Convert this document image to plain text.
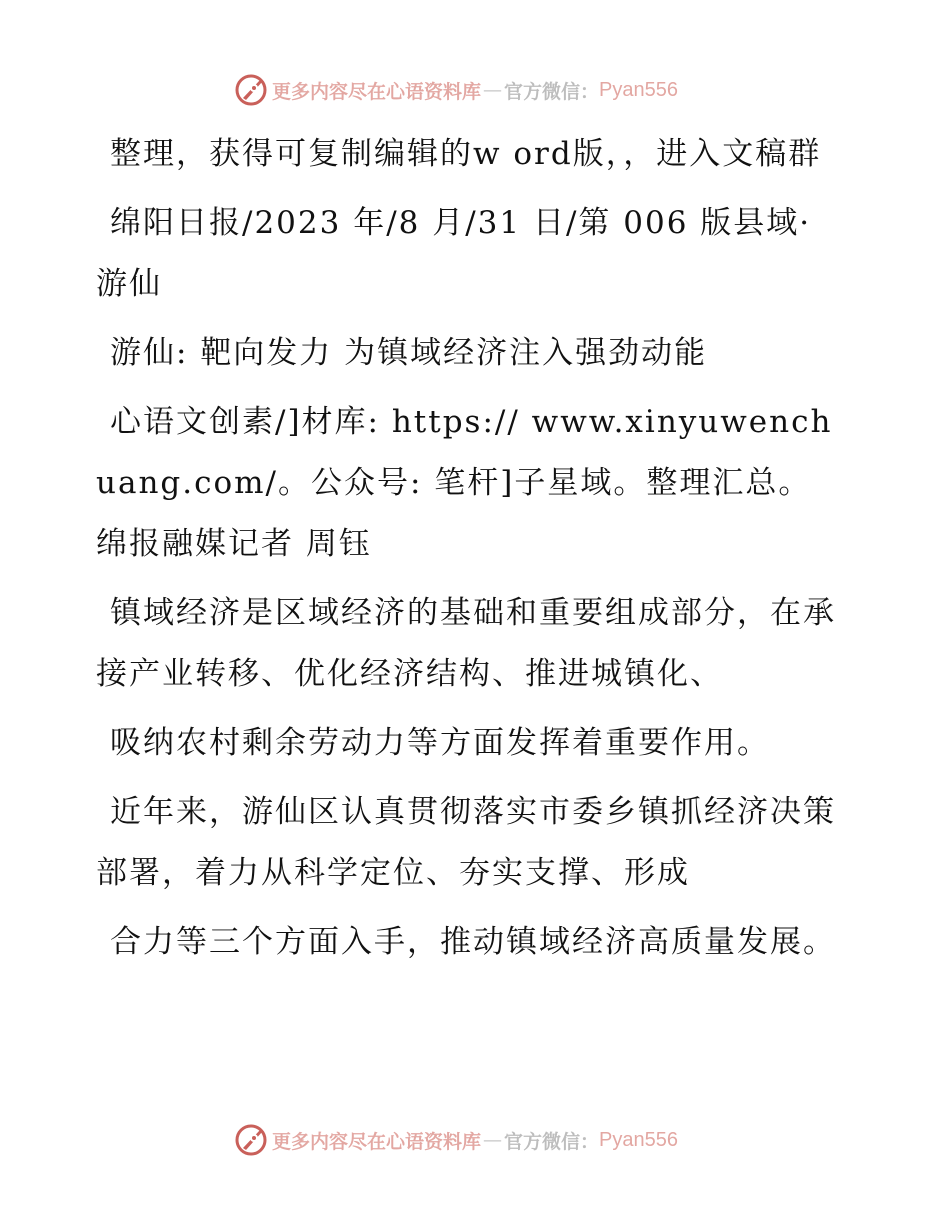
更多内容尽在心语资料库 — 官方微信： Pyan556

整理，获得可复制编辑的w ord版，，进入文稿群

绵阳日报/2023 年/8 月/31 日/第 006 版县域·游仙

游仙: 靶向发力 为镇域经济注入强劲动能

心语文创素/]材库: https:// www.xinyuwenchuang.com/。公众号: 笔杆]子星域。整理汇总。绵报融媒记者 周钰

镇域经济是区域经济的基础和重要组成部分，在承接产业转移、优化经济结构、推进城镇化、

吸纳农村剩余劳动力等方面发挥着重要作用。

近年来，游仙区认真贯彻落实市委乡镇抓经济决策部署，着力从科学定位、夯实支撑、形成

合力等三个方面入手，推动镇域经济高质量发展。

更多内容尽在心语资料库 — 官方微信： Pyan556
